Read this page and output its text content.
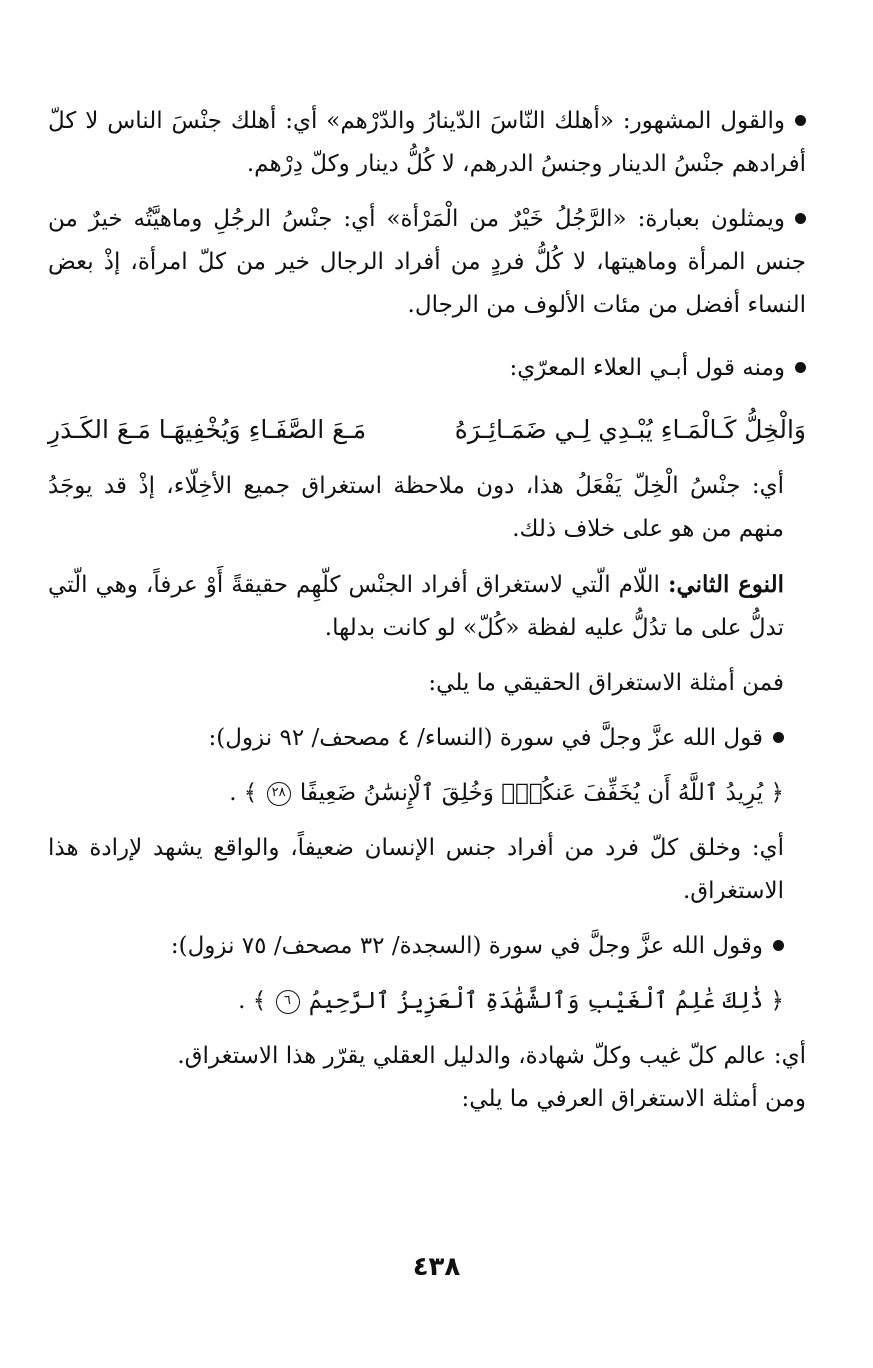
والقول المشهور: «أهلك النّاسَ الدّينارُ والدّرْهم» أي: أهلك جنْسَ الناس لا كلّ أفرادهم جنْسُ الدينار وجنسُ الدرهم، لا كُلُّ دينار وكلّ دِرْهم.

ويمثلون بعبارة: «الرَّجُلُ خَيْرٌ من الْمَرْأة» أي: جنْسُ الرجُلِ وماهيَّتُه خيرٌ من جنس المرأة وماهيتها، لا كُلُّ فردٍ من أفراد الرجال خير من كلّ امرأة، إذْ بعض النساء أفضل من مئات الألوف من الرجال.

ومنه قول أبـي العلاء المعرّي:

وَالْخِلُّ كَـالْمَـاءِ يُبْـدِي لِـي ضَمَـائِـرَهُ
مَـعَ الصَّفَـاءِ وَيُخْفِيهَـا مَـعَ الكَـدَرِ

أي: جنْسُ الْخِلّ يَفْعَلُ هذا، دون ملاحظة استغراق جميع الأخِلّاء، إذْ قد يوجَدُ منهم من هو على خلاف ذلك.

النوع الثاني: اللّام الّتي لاستغراق أفراد الجنْس كلّهِم حقيقةً أَوْ عرفاً، وهي الّتي تدلُّ على ما تدُلُّ عليه لفظة «كُلّ» لو كانت بدلها.

فمن أمثلة الاستغراق الحقيقي ما يلي:

قول الله عزَّ وجلَّ في سورة (النساء/ ٤ مصحف/ ٩٢ نزول):

﴿ يُرِيدُ ٱللَّهُ أَن يُخَفِّفَ عَنكُمْۚ وَخُلِقَ ٱلْإِنسَٰنُ ضَعِيفًا ٢٨ ﴾ .

أي: وخلق كلّ فرد من أفراد جنس الإنسان ضعيفاً، والواقع يشهد لإرادة هذا الاستغراق.

وقول الله عزَّ وجلَّ في سورة (السجدة/ ٣٢ مصحف/ ٧٥ نزول):

﴿ ذَٰلِكَ عَٰلِمُ ٱلْغَيْبِ وَٱلشَّهَٰدَةِ ٱلْعَزِيزُ ٱلرَّحِيمُ ٦ ﴾ .

أي: عالم كلّ غيب وكلّ شهادة، والدليل العقلي يقرّر هذا الاستغراق.

ومن أمثلة الاستغراق العرفي ما يلي:

٤٣٨
